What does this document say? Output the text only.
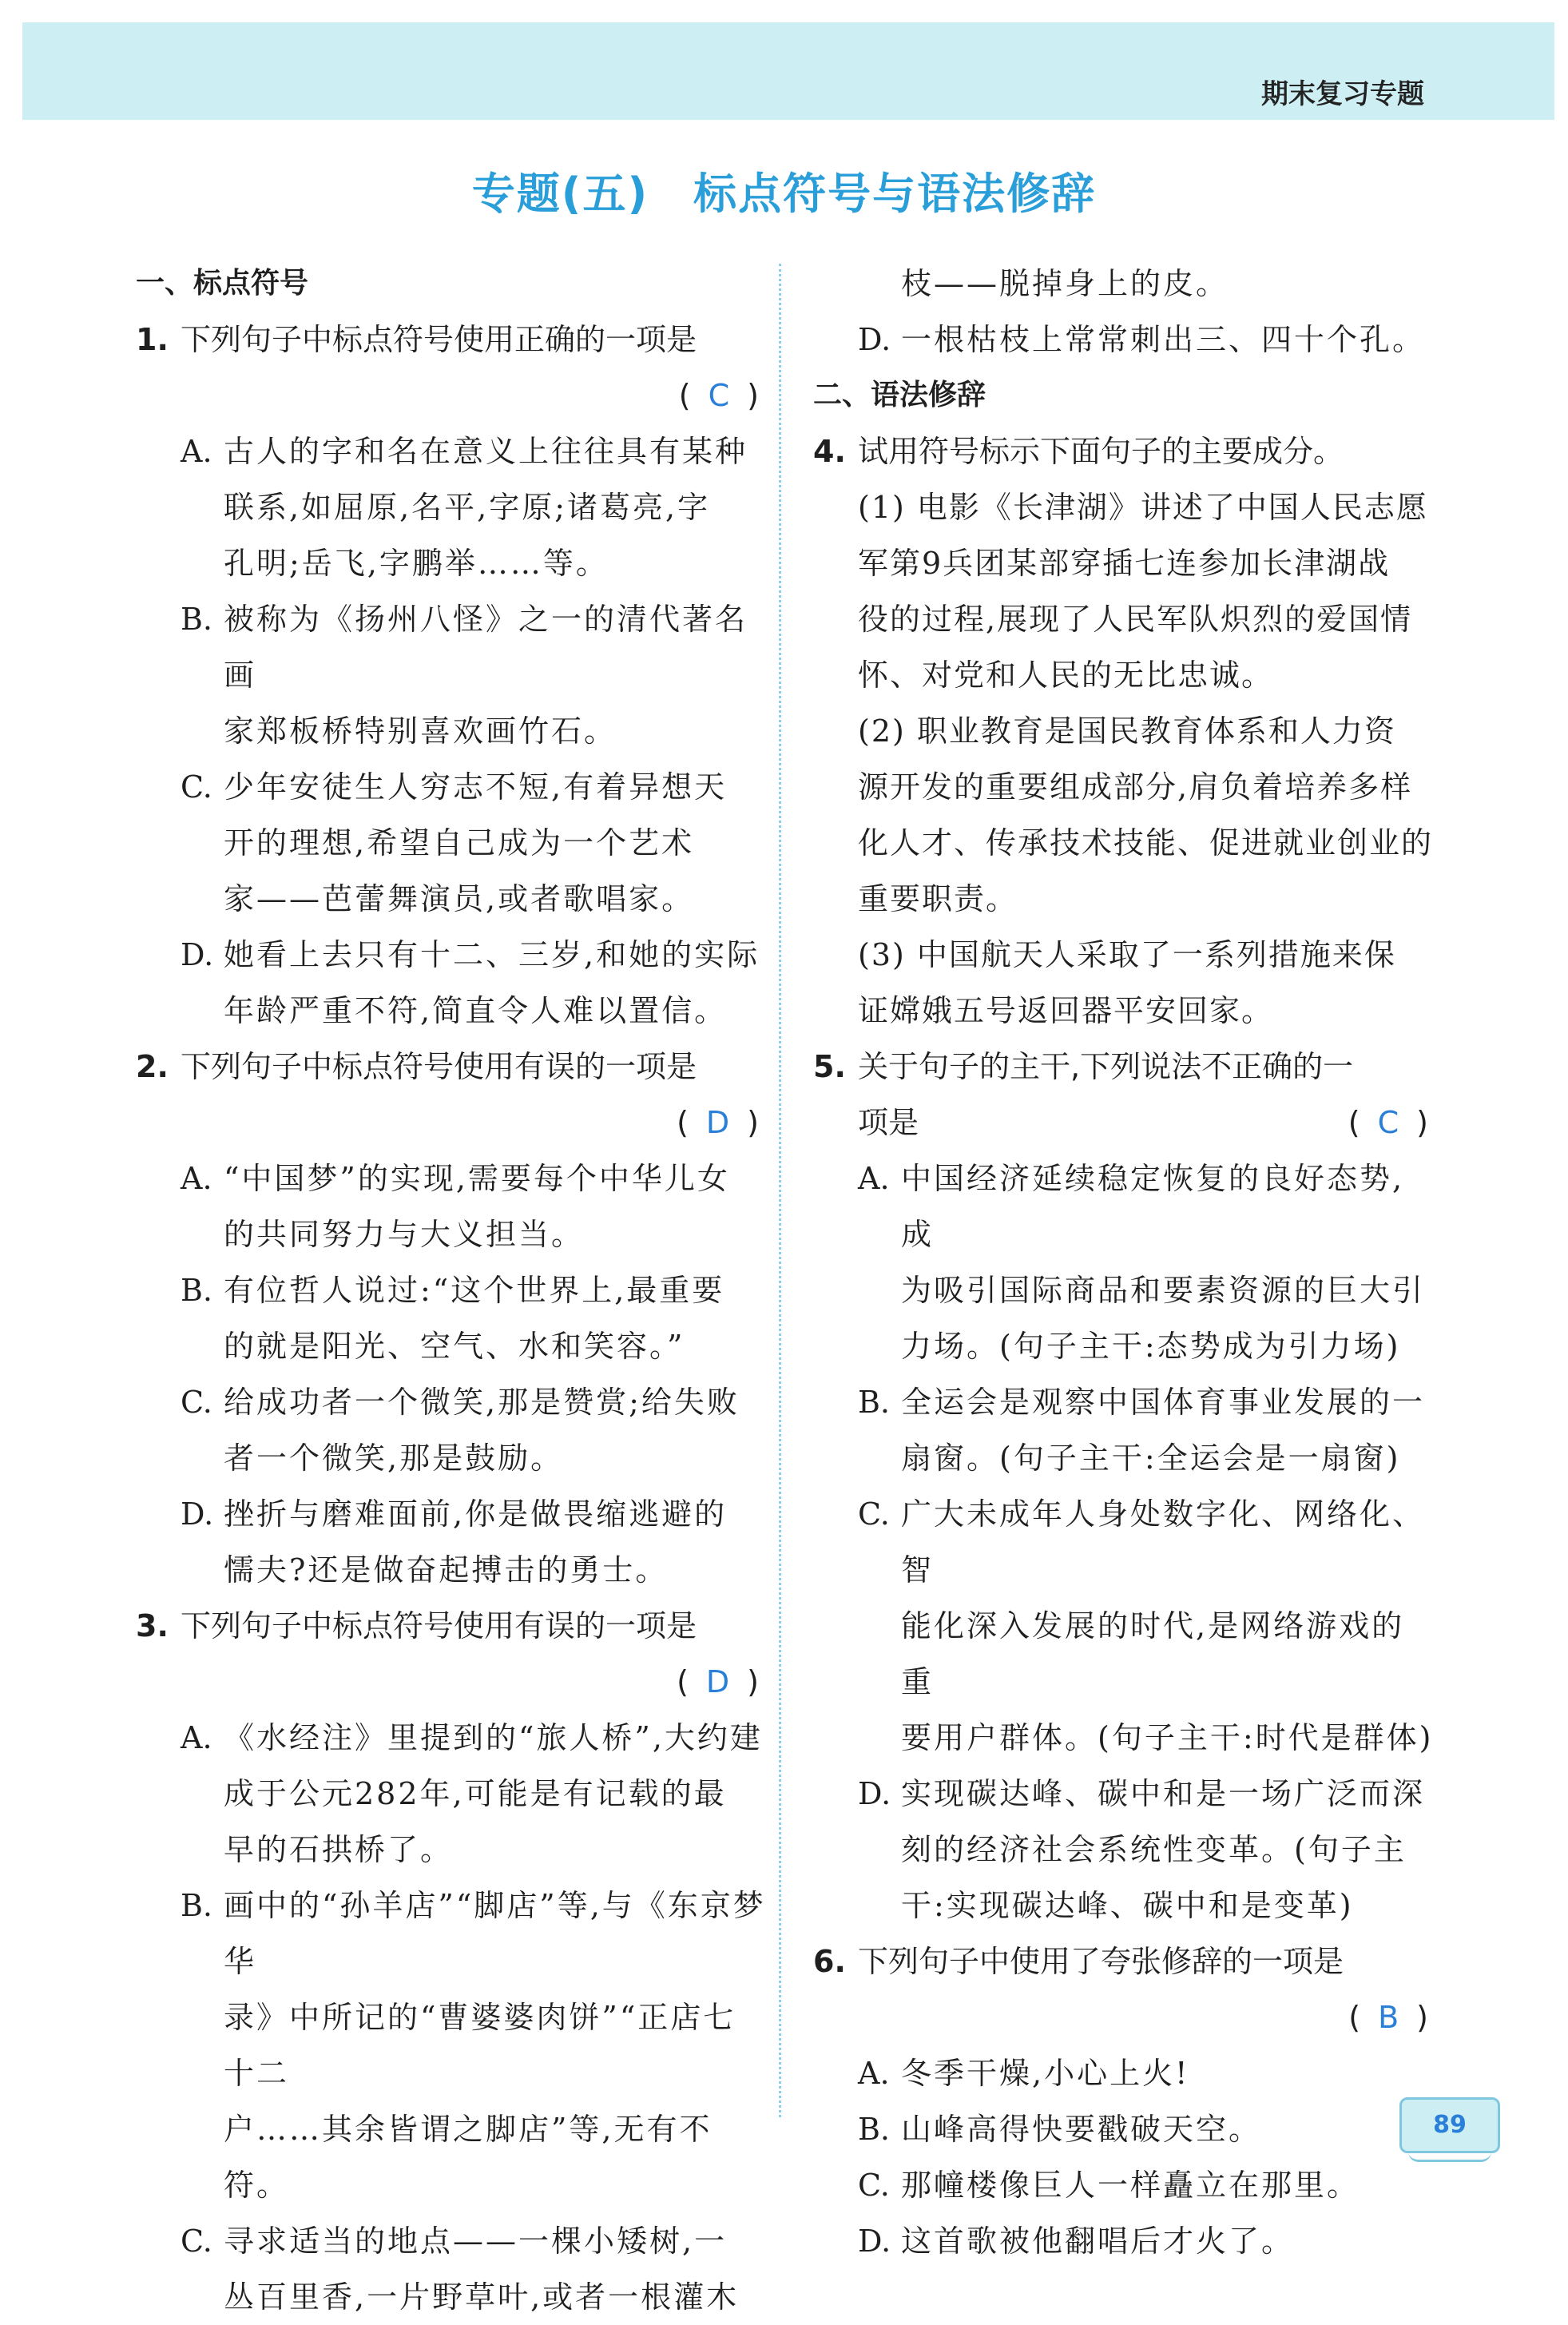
期末复习专题
专题(五)　标点符号与语法修辞
一、标点符号
1. 下列句子中标点符号使用正确的一项是
( C )
A. 古人的字和名在意义上往往具有某种
联系,如屈原,名平,字原;诸葛亮,字
孔明;岳飞,字鹏举……等。
B. 被称为《扬州八怪》之一的清代著名画
家郑板桥特别喜欢画竹石。
C. 少年安徒生人穷志不短,有着异想天
开的理想,希望自己成为一个艺术
家——芭蕾舞演员,或者歌唱家。
D. 她看上去只有十二、三岁,和她的实际
年龄严重不符,简直令人难以置信。
2. 下列句子中标点符号使用有误的一项是
( D )
A. “中国梦”的实现,需要每个中华儿女
的共同努力与大义担当。
B. 有位哲人说过:“这个世界上,最重要
的就是阳光、空气、水和笑容。”
C. 给成功者一个微笑,那是赞赏;给失败
者一个微笑,那是鼓励。
D. 挫折与磨难面前,你是做畏缩逃避的
懦夫?还是做奋起搏击的勇士。
3. 下列句子中标点符号使用有误的一项是
( D )
A. 《水经注》里提到的“旅人桥”,大约建
成于公元282年,可能是有记载的最
早的石拱桥了。
B. 画中的“孙羊店”“脚店”等,与《东京梦华
录》中所记的“曹婆婆肉饼”“正店七十二
户……其余皆谓之脚店”等,无有不符。
C. 寻求适当的地点——一棵小矮树,一
丛百里香,一片野草叶,或者一根灌木
枝——脱掉身上的皮。
D. 一根枯枝上常常刺出三、四十个孔。
二、语法修辞
4. 试用符号标示下面句子的主要成分。
(1) 电影《长津湖》讲述了中国人民志愿
军第9兵团某部穿插七连参加长津湖战
役的过程,展现了人民军队炽烈的爱国情
怀、对党和人民的无比忠诚。
(2) 职业教育是国民教育体系和人力资
源开发的重要组成部分,肩负着培养多样
化人才、传承技术技能、促进就业创业的
重要职责。
(3) 中国航天人采取了一系列措施来保
证嫦娥五号返回器平安回家。
5. 关于句子的主干,下列说法不正确的一
项是	( C )
A. 中国经济延续稳定恢复的良好态势,成
为吸引国际商品和要素资源的巨大引
力场。(句子主干:态势成为引力场)
B. 全运会是观察中国体育事业发展的一
扇窗。(句子主干:全运会是一扇窗)
C. 广大未成年人身处数字化、网络化、智
能化深入发展的时代,是网络游戏的重
要用户群体。(句子主干:时代是群体)
D. 实现碳达峰、碳中和是一场广泛而深
刻的经济社会系统性变革。(句子主
干:实现碳达峰、碳中和是变革)
6. 下列句子中使用了夸张修辞的一项是
( B )
A. 冬季干燥,小心上火!
B. 山峰高得快要戳破天空。
C. 那幢楼像巨人一样矗立在那里。
D. 这首歌被他翻唱后才火了。
89
